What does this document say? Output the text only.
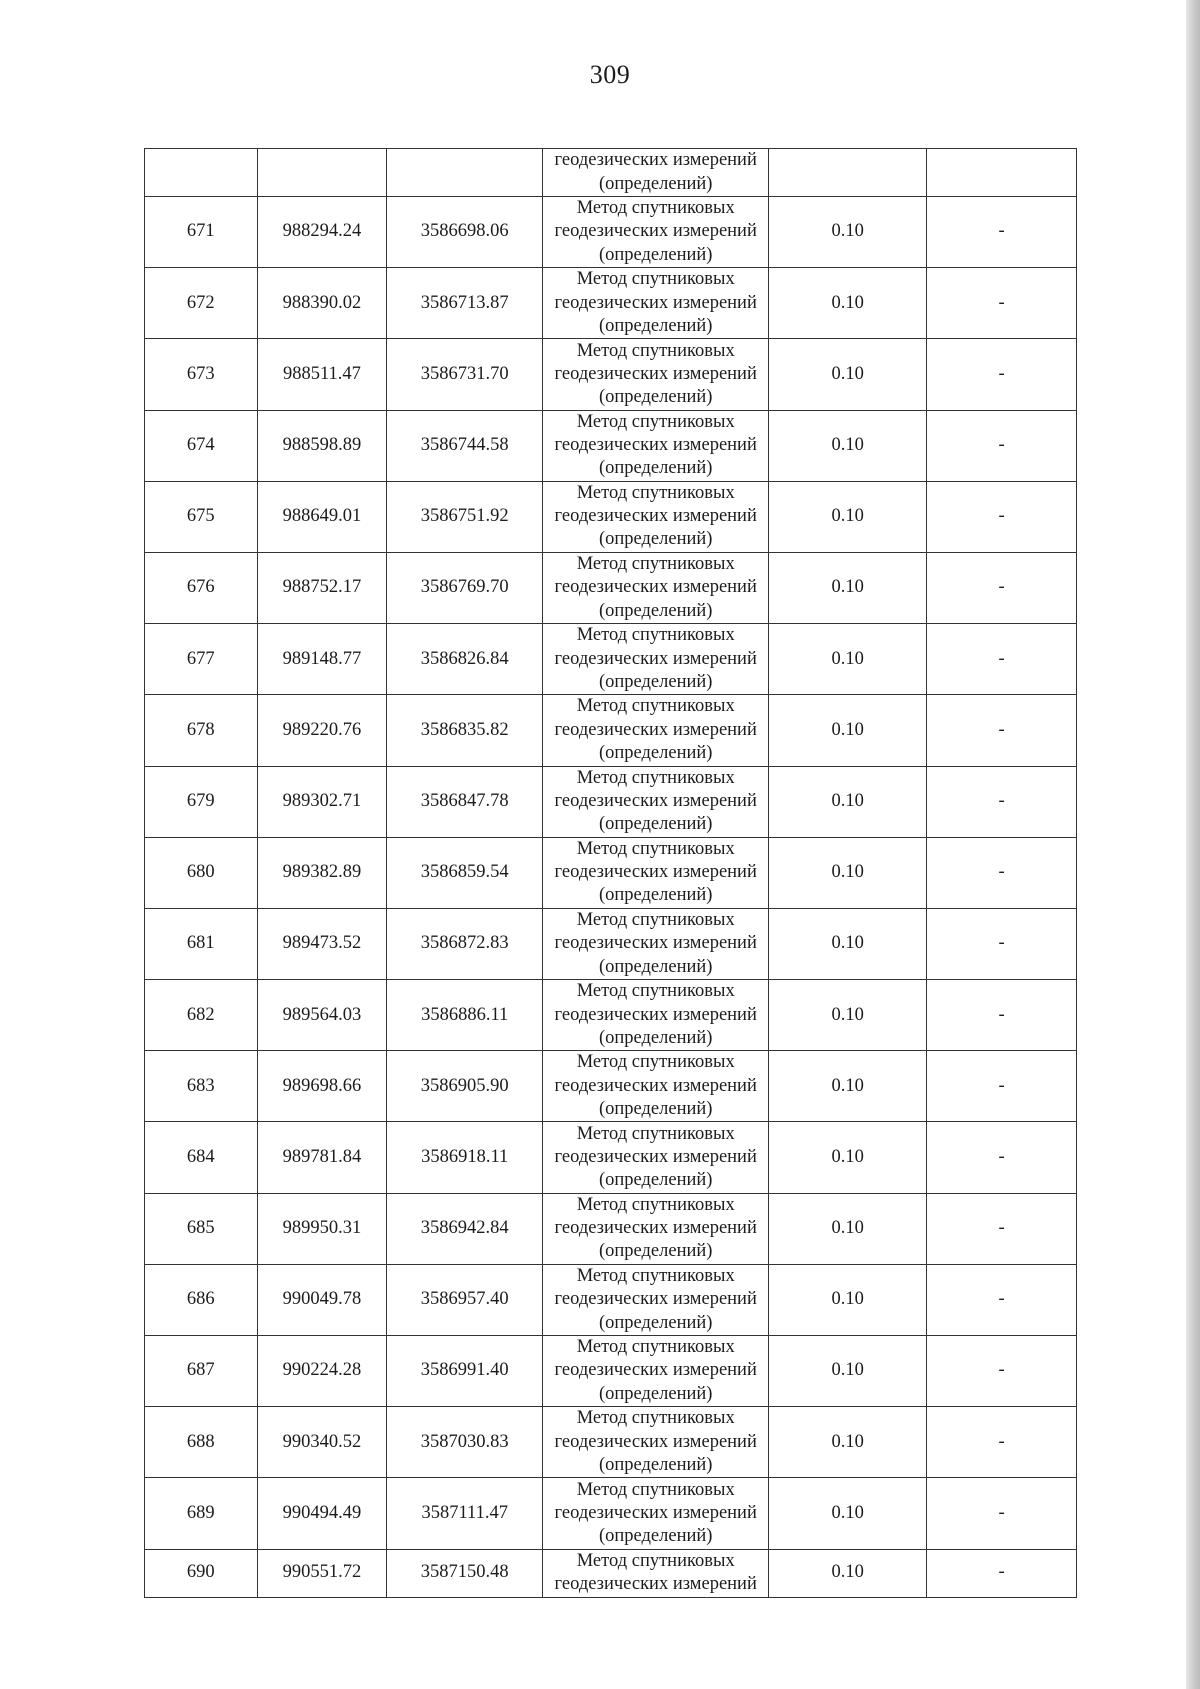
309

			геодезических измерений
(определений)		

671	988294.24	3586698.06	Метод спутниковых
геодезических измерений
(определений)	0.10	-
672	988390.02	3586713.87	Метод спутниковых
геодезических измерений
(определений)	0.10	-
673	988511.47	3586731.70	Метод спутниковых
геодезических измерений
(определений)	0.10	-
674	988598.89	3586744.58	Метод спутниковых
геодезических измерений
(определений)	0.10	-
675	988649.01	3586751.92	Метод спутниковых
геодезических измерений
(определений)	0.10	-
676	988752.17	3586769.70	Метод спутниковых
геодезических измерений
(определений)	0.10	-
677	989148.77	3586826.84	Метод спутниковых
геодезических измерений
(определений)	0.10	-
678	989220.76	3586835.82	Метод спутниковых
геодезических измерений
(определений)	0.10	-
679	989302.71	3586847.78	Метод спутниковых
геодезических измерений
(определений)	0.10	-
680	989382.89	3586859.54	Метод спутниковых
геодезических измерений
(определений)	0.10	-
681	989473.52	3586872.83	Метод спутниковых
геодезических измерений
(определений)	0.10	-
682	989564.03	3586886.11	Метод спутниковых
геодезических измерений
(определений)	0.10	-
683	989698.66	3586905.90	Метод спутниковых
геодезических измерений
(определений)	0.10	-
684	989781.84	3586918.11	Метод спутниковых
геодезических измерений
(определений)	0.10	-
685	989950.31	3586942.84	Метод спутниковых
геодезических измерений
(определений)	0.10	-
686	990049.78	3586957.40	Метод спутниковых
геодезических измерений
(определений)	0.10	-
687	990224.28	3586991.40	Метод спутниковых
геодезических измерений
(определений)	0.10	-
688	990340.52	3587030.83	Метод спутниковых
геодезических измерений
(определений)	0.10	-
689	990494.49	3587111.47	Метод спутниковых
геодезических измерений
(определений)	0.10	-
690	990551.72	3587150.48	Метод спутниковых
геодезических измерений	0.10	-
